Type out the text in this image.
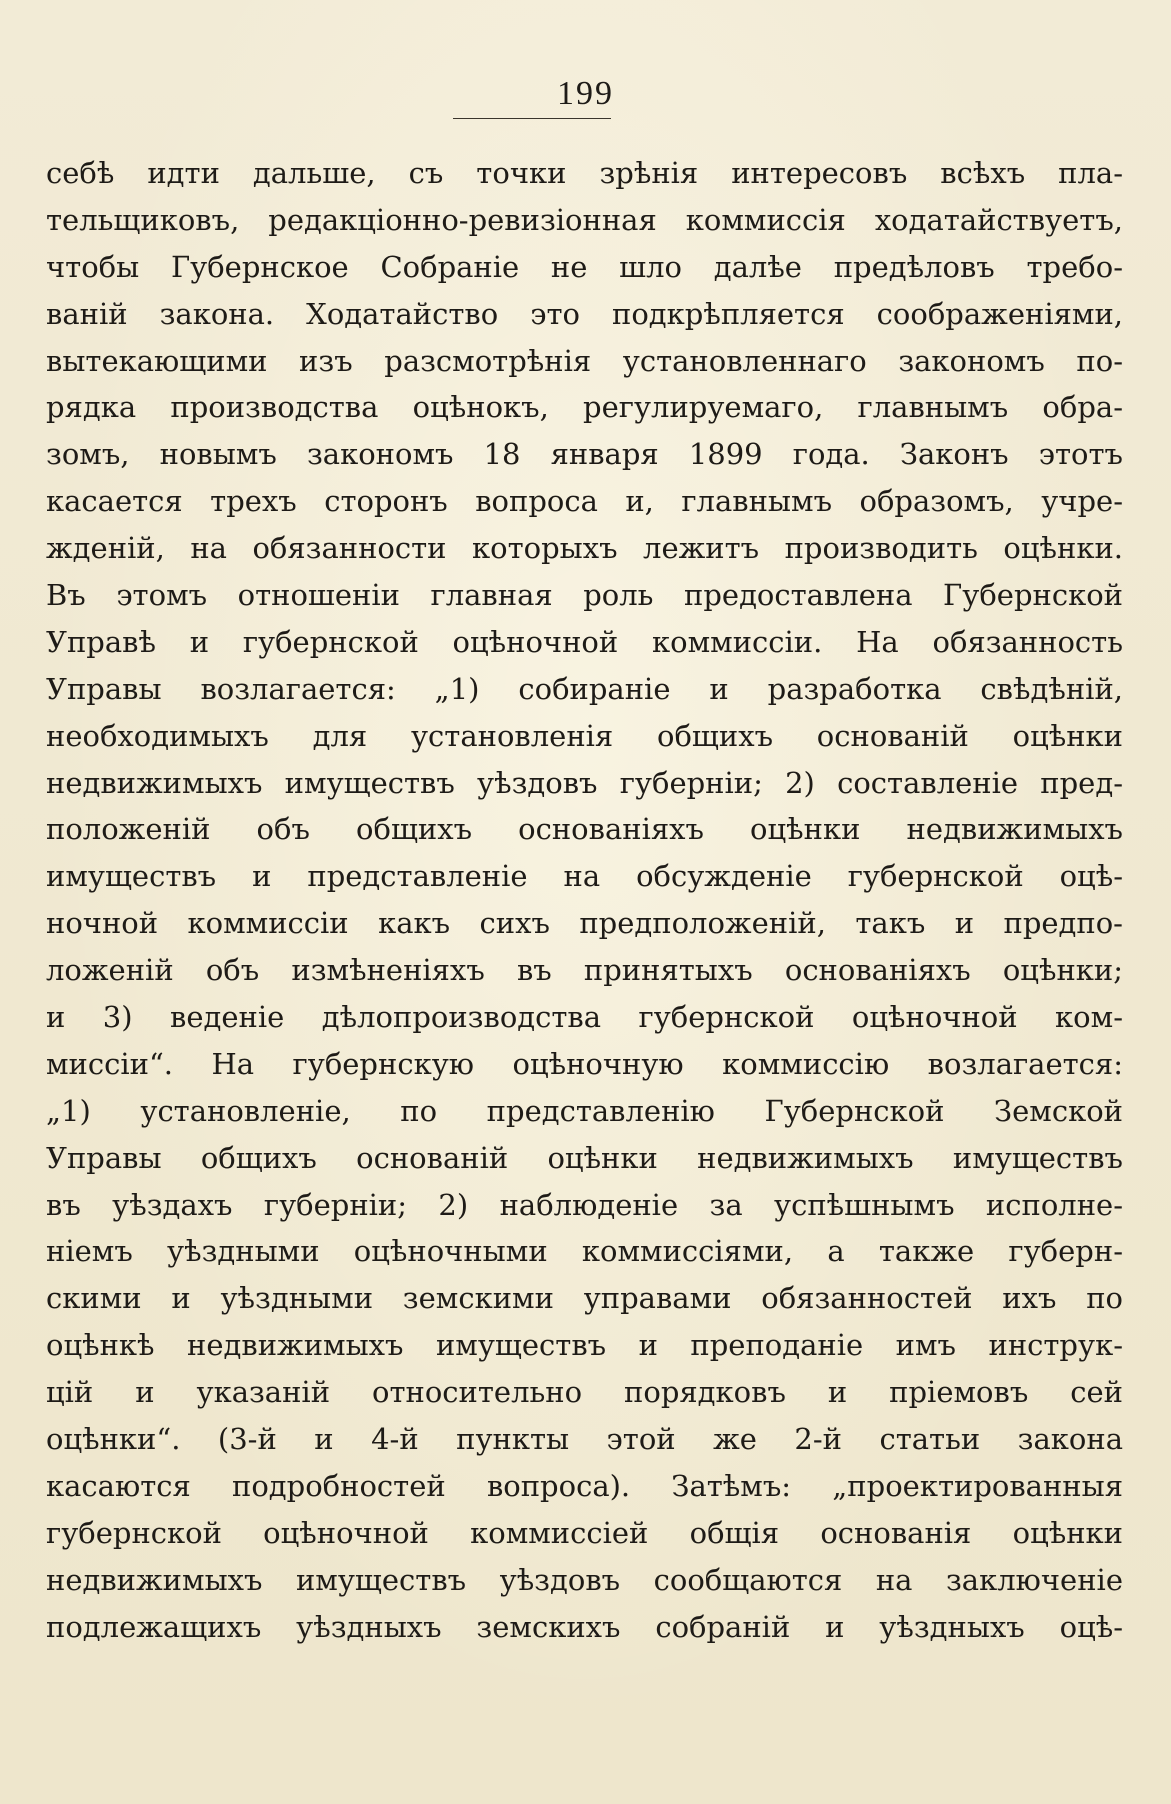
199
себѣ идти дальше, съ точки зрѣнія интересовъ всѣхъ пла-
тельщиковъ, редакціонно-ревизіонная коммиссія ходатайствуетъ,
чтобы Губернское Собраніе не шло далѣе предѣловъ требо-
ваній закона. Ходатайство это подкрѣпляется соображеніями,
вытекающими изъ разсмотрѣнія установленнаго закономъ по-
рядка производства оцѣнокъ, регулируемаго, главнымъ обра-
зомъ, новымъ закономъ 18 января 1899 года. Законъ этотъ
касается трехъ сторонъ вопроса и, главнымъ образомъ, учре-
жденій, на обязанности которыхъ лежитъ производить оцѣнки.
Въ этомъ отношеніи главная роль предоставлена Губернской
Управѣ и губернской оцѣночной коммиссіи. На обязанность
Управы возлагается: „1) собираніе и разработка свѣдѣній,
необходимыхъ для установленія общихъ основаній оцѣнки
недвижимыхъ имуществъ уѣздовъ губерніи; 2) составленіе пред-
положеній объ общихъ основаніяхъ оцѣнки недвижимыхъ
имуществъ и представленіе на обсужденіе губернской оцѣ-
ночной коммиссіи какъ сихъ предположеній, такъ и предпо-
ложеній объ измѣненіяхъ въ принятыхъ основаніяхъ оцѣнки;
и 3) веденіе дѣлопроизводства губернской оцѣночной ком-
миссіи“. На губернскую оцѣночную коммиссію возлагается:
„1) установленіе, по представленію Губернской Земской
Управы общихъ основаній оцѣнки недвижимыхъ имуществъ
въ уѣздахъ губерніи; 2) наблюденіе за успѣшнымъ исполне-
ніемъ уѣздными оцѣночными коммиссіями, а также губерн-
скими и уѣздными земскими управами обязанностей ихъ по
оцѣнкѣ недвижимыхъ имуществъ и преподаніе имъ инструк-
цій и указаній относительно порядковъ и пріемовъ сей
оцѣнки“. (3-й и 4-й пункты этой же 2-й статьи закона
касаются подробностей вопроса). Затѣмъ: „проектированныя
губернской оцѣночной коммиссіей общія основанія оцѣнки
недвижимыхъ имуществъ уѣздовъ сообщаются на заключеніе
подлежащихъ уѣздныхъ земскихъ собраній и уѣздныхъ оцѣ-
